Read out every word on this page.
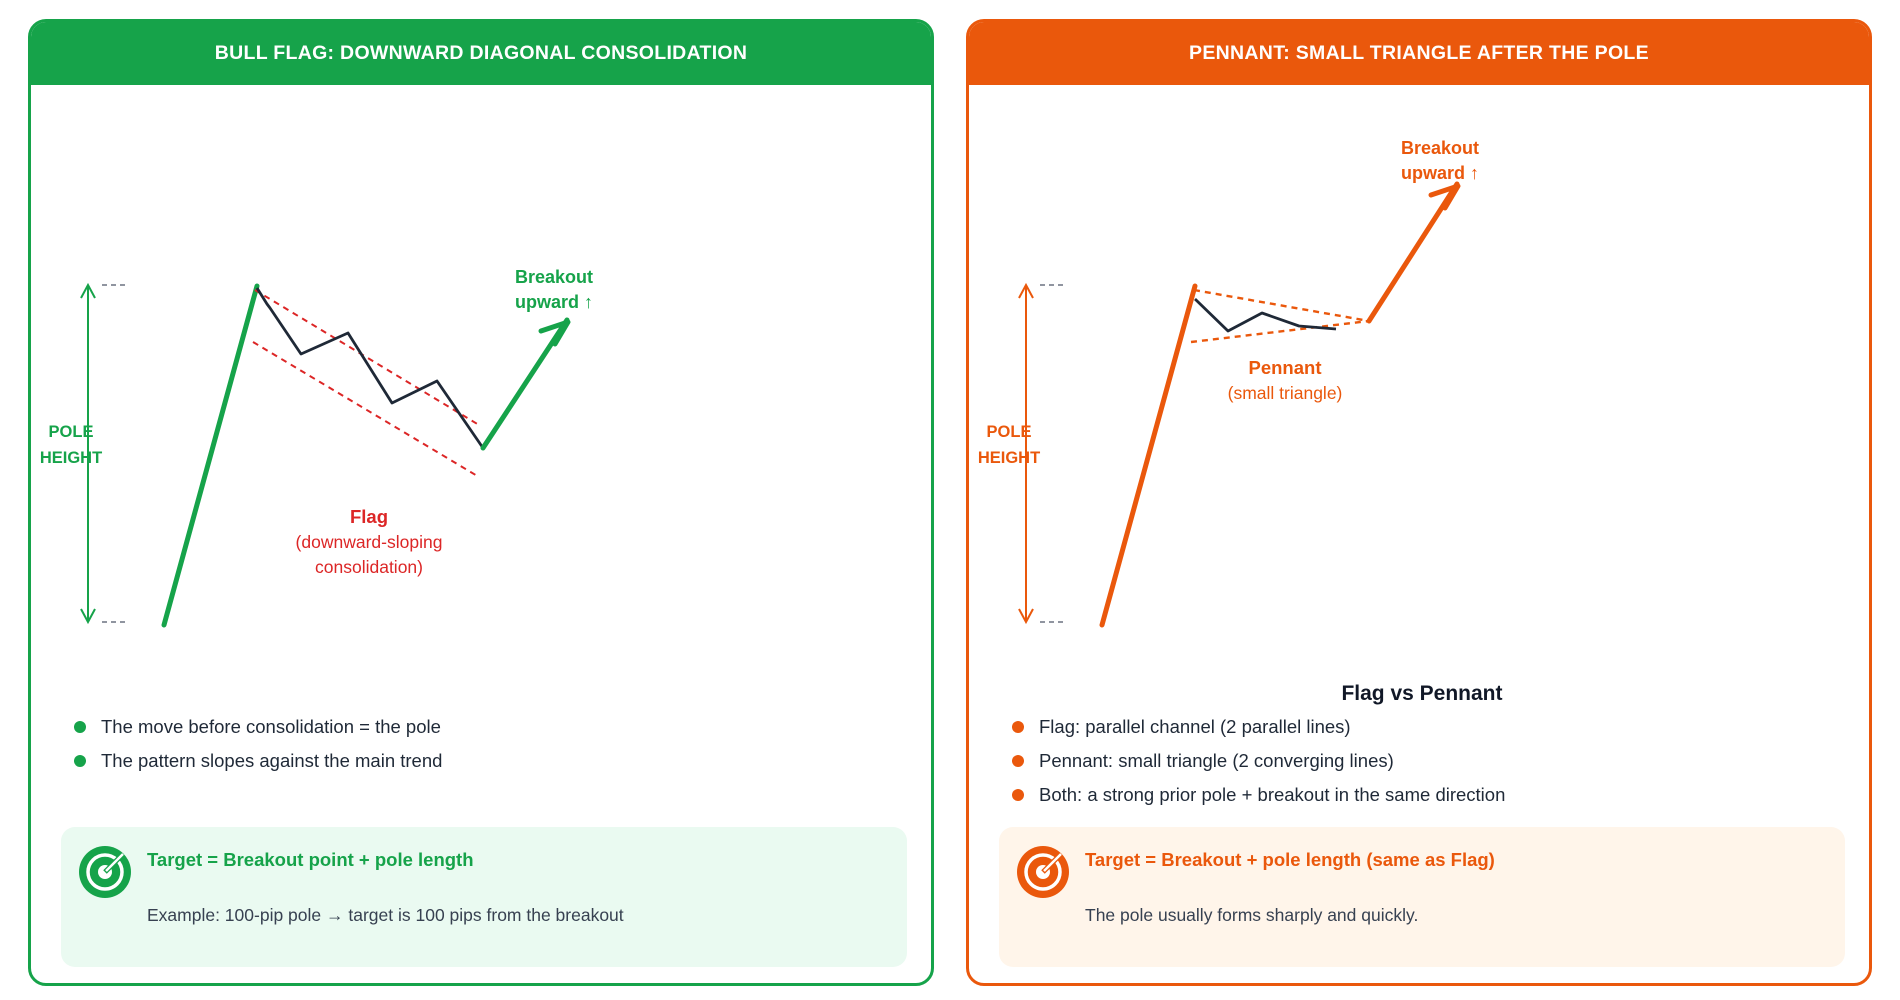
BULL FLAG: DOWNWARD DIAGONAL CONSOLIDATION
POLE
HEIGHT
Breakout
upward ↑
Flag
(downward-sloping
consolidation)
The move before consolidation = the pole
The pattern slopes against the main trend
Target = Breakout point + pole length
Example: 100-pip pole → target is 100 pips from the breakout
PENNANT: SMALL TRIANGLE AFTER THE POLE
POLE
HEIGHT
Breakout
upward ↑
Pennant
(small triangle)
Flag vs Pennant
Flag: parallel channel (2 parallel lines)
Pennant: small triangle (2 converging lines)
Both: a strong prior pole + breakout in the same direction
Target = Breakout + pole length (same as Flag)
The pole usually forms sharply and quickly.
